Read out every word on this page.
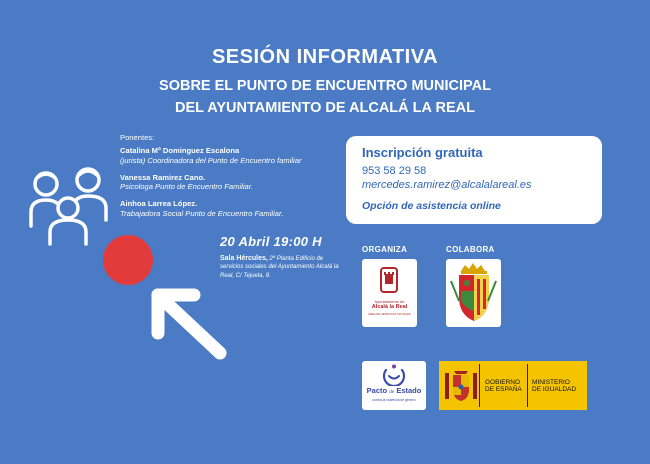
SESIÓN INFORMATIVA
SOBRE EL PUNTO DE ENCUENTRO MUNICIPAL
DEL AYUNTAMIENTO DE ALCALÁ LA REAL
Ponentes:
Catalina Mª Dominguez Escalona
(jurista) Coordinadora del Punto de Encuentro familiar
Vanessa Ramirez Cano.
Psicologa Punto de Encuentro Familiar.
Ainhoa Larrea López.
Trabajadora Social Punto de Encuentro Familiar.
20 Abril 19:00 H
Sala Hércules, 2ª Planta Edificio de servicios sociales del Ayuntamiento Alcalá la Real, C/ Tejuela, 8.
Inscripción gratuita
953 58 29 58
mercedes.ramirez@alcalalareal.es
Opción de asistencia online
ORGANIZA	COLABORA
Ayuntamiento de
Alcalá la Real
ÁREA DE SERVICIOS SOCIALES
Pacto de Estado
contra la violencia de género
GOBIERNO
DE ESPAÑA
MINISTERIO
DE IGUALDAD
